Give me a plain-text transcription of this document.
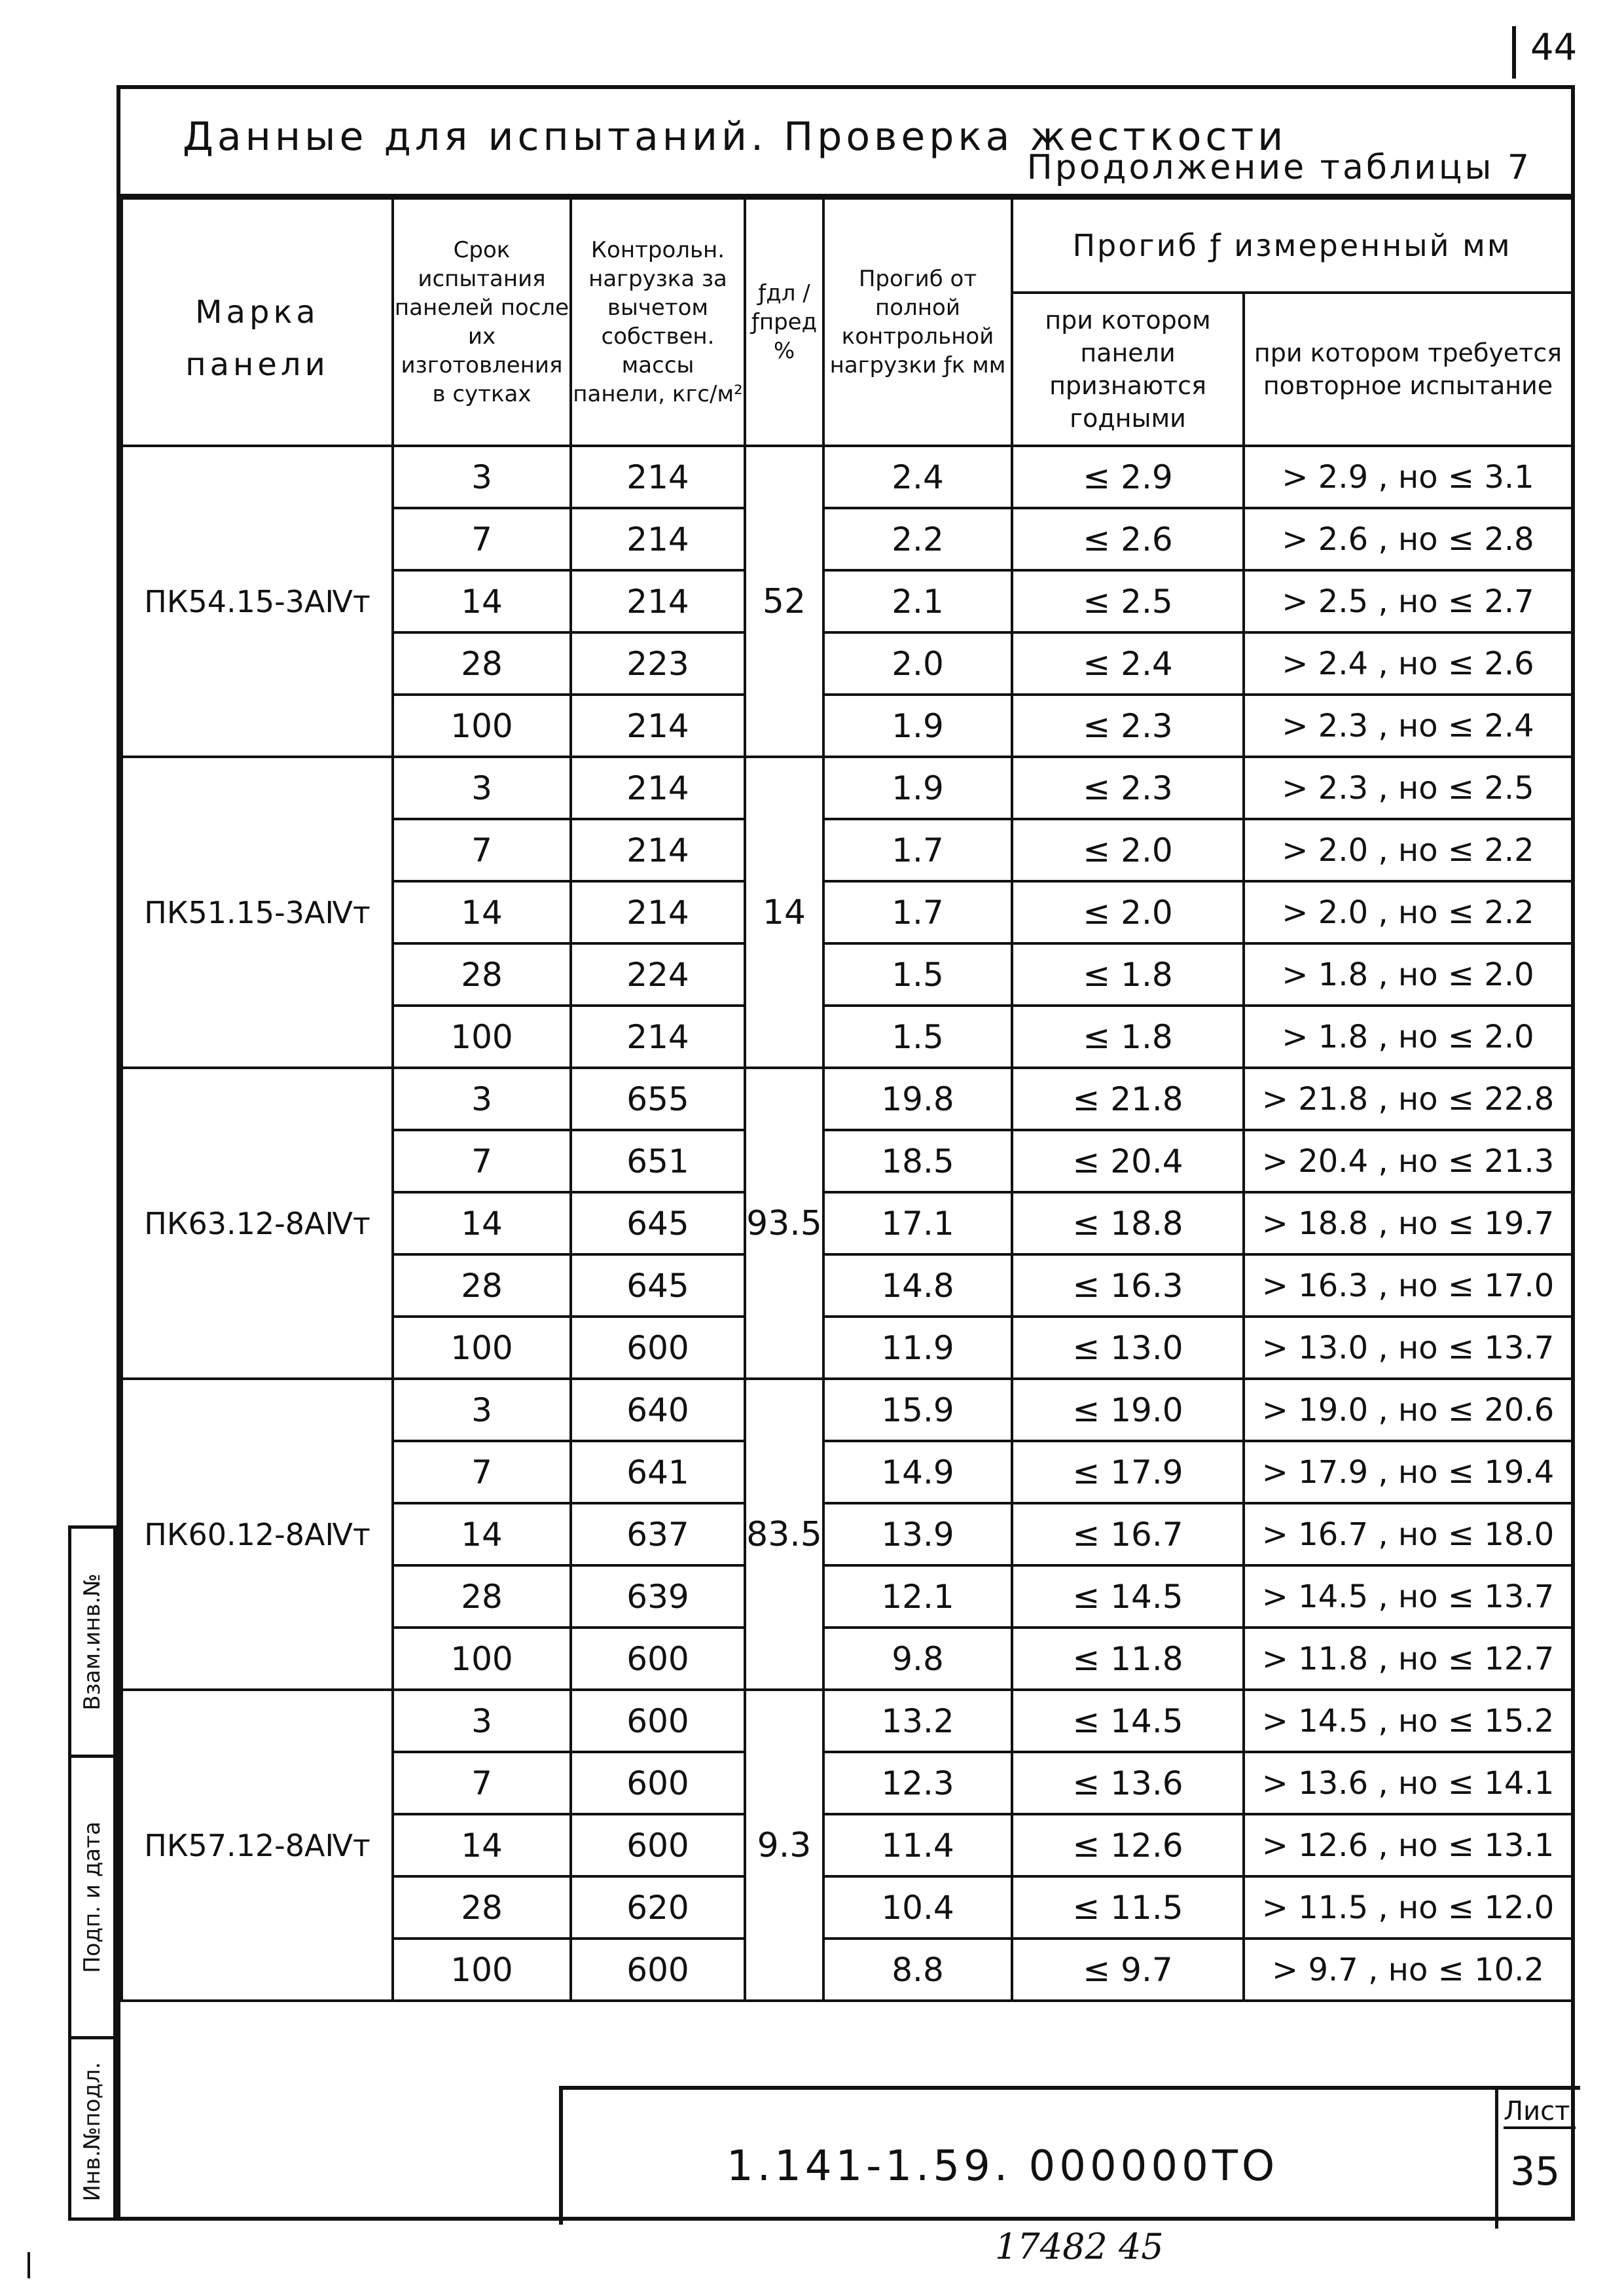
44
Данные для испытаний. Проверка жесткости
Продолжение таблицы 7
Марка панели	Срок испытания панелей после их изготовления в сутках	Контрольн. нагрузка за вычетом собствен. массы панели, кгс/м²	ƒдл / ƒпред %	Прогиб от полной контрольной нагрузки ƒк мм	Прогиб ƒ измеренный мм	
					при котором панели признаются годными	при котором требуется повторное испытание
ПК54.15-3АⅣт	3	214	52	2.4	≤ 2.9	> 2.9 , но ≤ 3.1
	7	214		2.2	≤ 2.6	> 2.6 , но ≤ 2.8
	14	214		2.1	≤ 2.5	> 2.5 , но ≤ 2.7
	28	223		2.0	≤ 2.4	> 2.4 , но ≤ 2.6
	100	214		1.9	≤ 2.3	> 2.3 , но ≤ 2.4
ПК51.15-3АⅣт	3	214	14	1.9	≤ 2.3	> 2.3 , но ≤ 2.5
	7	214		1.7	≤ 2.0	> 2.0 , но ≤ 2.2
	14	214		1.7	≤ 2.0	> 2.0 , но ≤ 2.2
	28	224		1.5	≤ 1.8	> 1.8 , но ≤ 2.0
	100	214		1.5	≤ 1.8	> 1.8 , но ≤ 2.0
ПК63.12-8АⅣт	3	655	93.5	19.8	≤ 21.8	> 21.8 , но ≤ 22.8
	7	651		18.5	≤ 20.4	> 20.4 , но ≤ 21.3
	14	645		17.1	≤ 18.8	> 18.8 , но ≤ 19.7
	28	645		14.8	≤ 16.3	> 16.3 , но ≤ 17.0
	100	600		11.9	≤ 13.0	> 13.0 , но ≤ 13.7
ПК60.12-8АⅣт	3	640	83.5	15.9	≤ 19.0	> 19.0 , но ≤ 20.6
	7	641		14.9	≤ 17.9	> 17.9 , но ≤ 19.4
	14	637		13.9	≤ 16.7	> 16.7 , но ≤ 18.0
	28	639		12.1	≤ 14.5	> 14.5 , но ≤ 13.7
	100	600		9.8	≤ 11.8	> 11.8 , но ≤ 12.7
ПК57.12-8АⅣт	3	600	9.3	13.2	≤ 14.5	> 14.5 , но ≤ 15.2
	7	600		12.3	≤ 13.6	> 13.6 , но ≤ 14.1
	14	600		11.4	≤ 12.6	> 12.6 , но ≤ 13.1
	28	620		10.4	≤ 11.5	> 11.5 , но ≤ 12.0
	100	600		8.8	≤ 9.7	> 9.7 , но ≤ 10.2
1.141-1.59. 000000ТО
Лист
35
Взам.инв.№
Подп. и дата
Инв.№подл.
17482 45
